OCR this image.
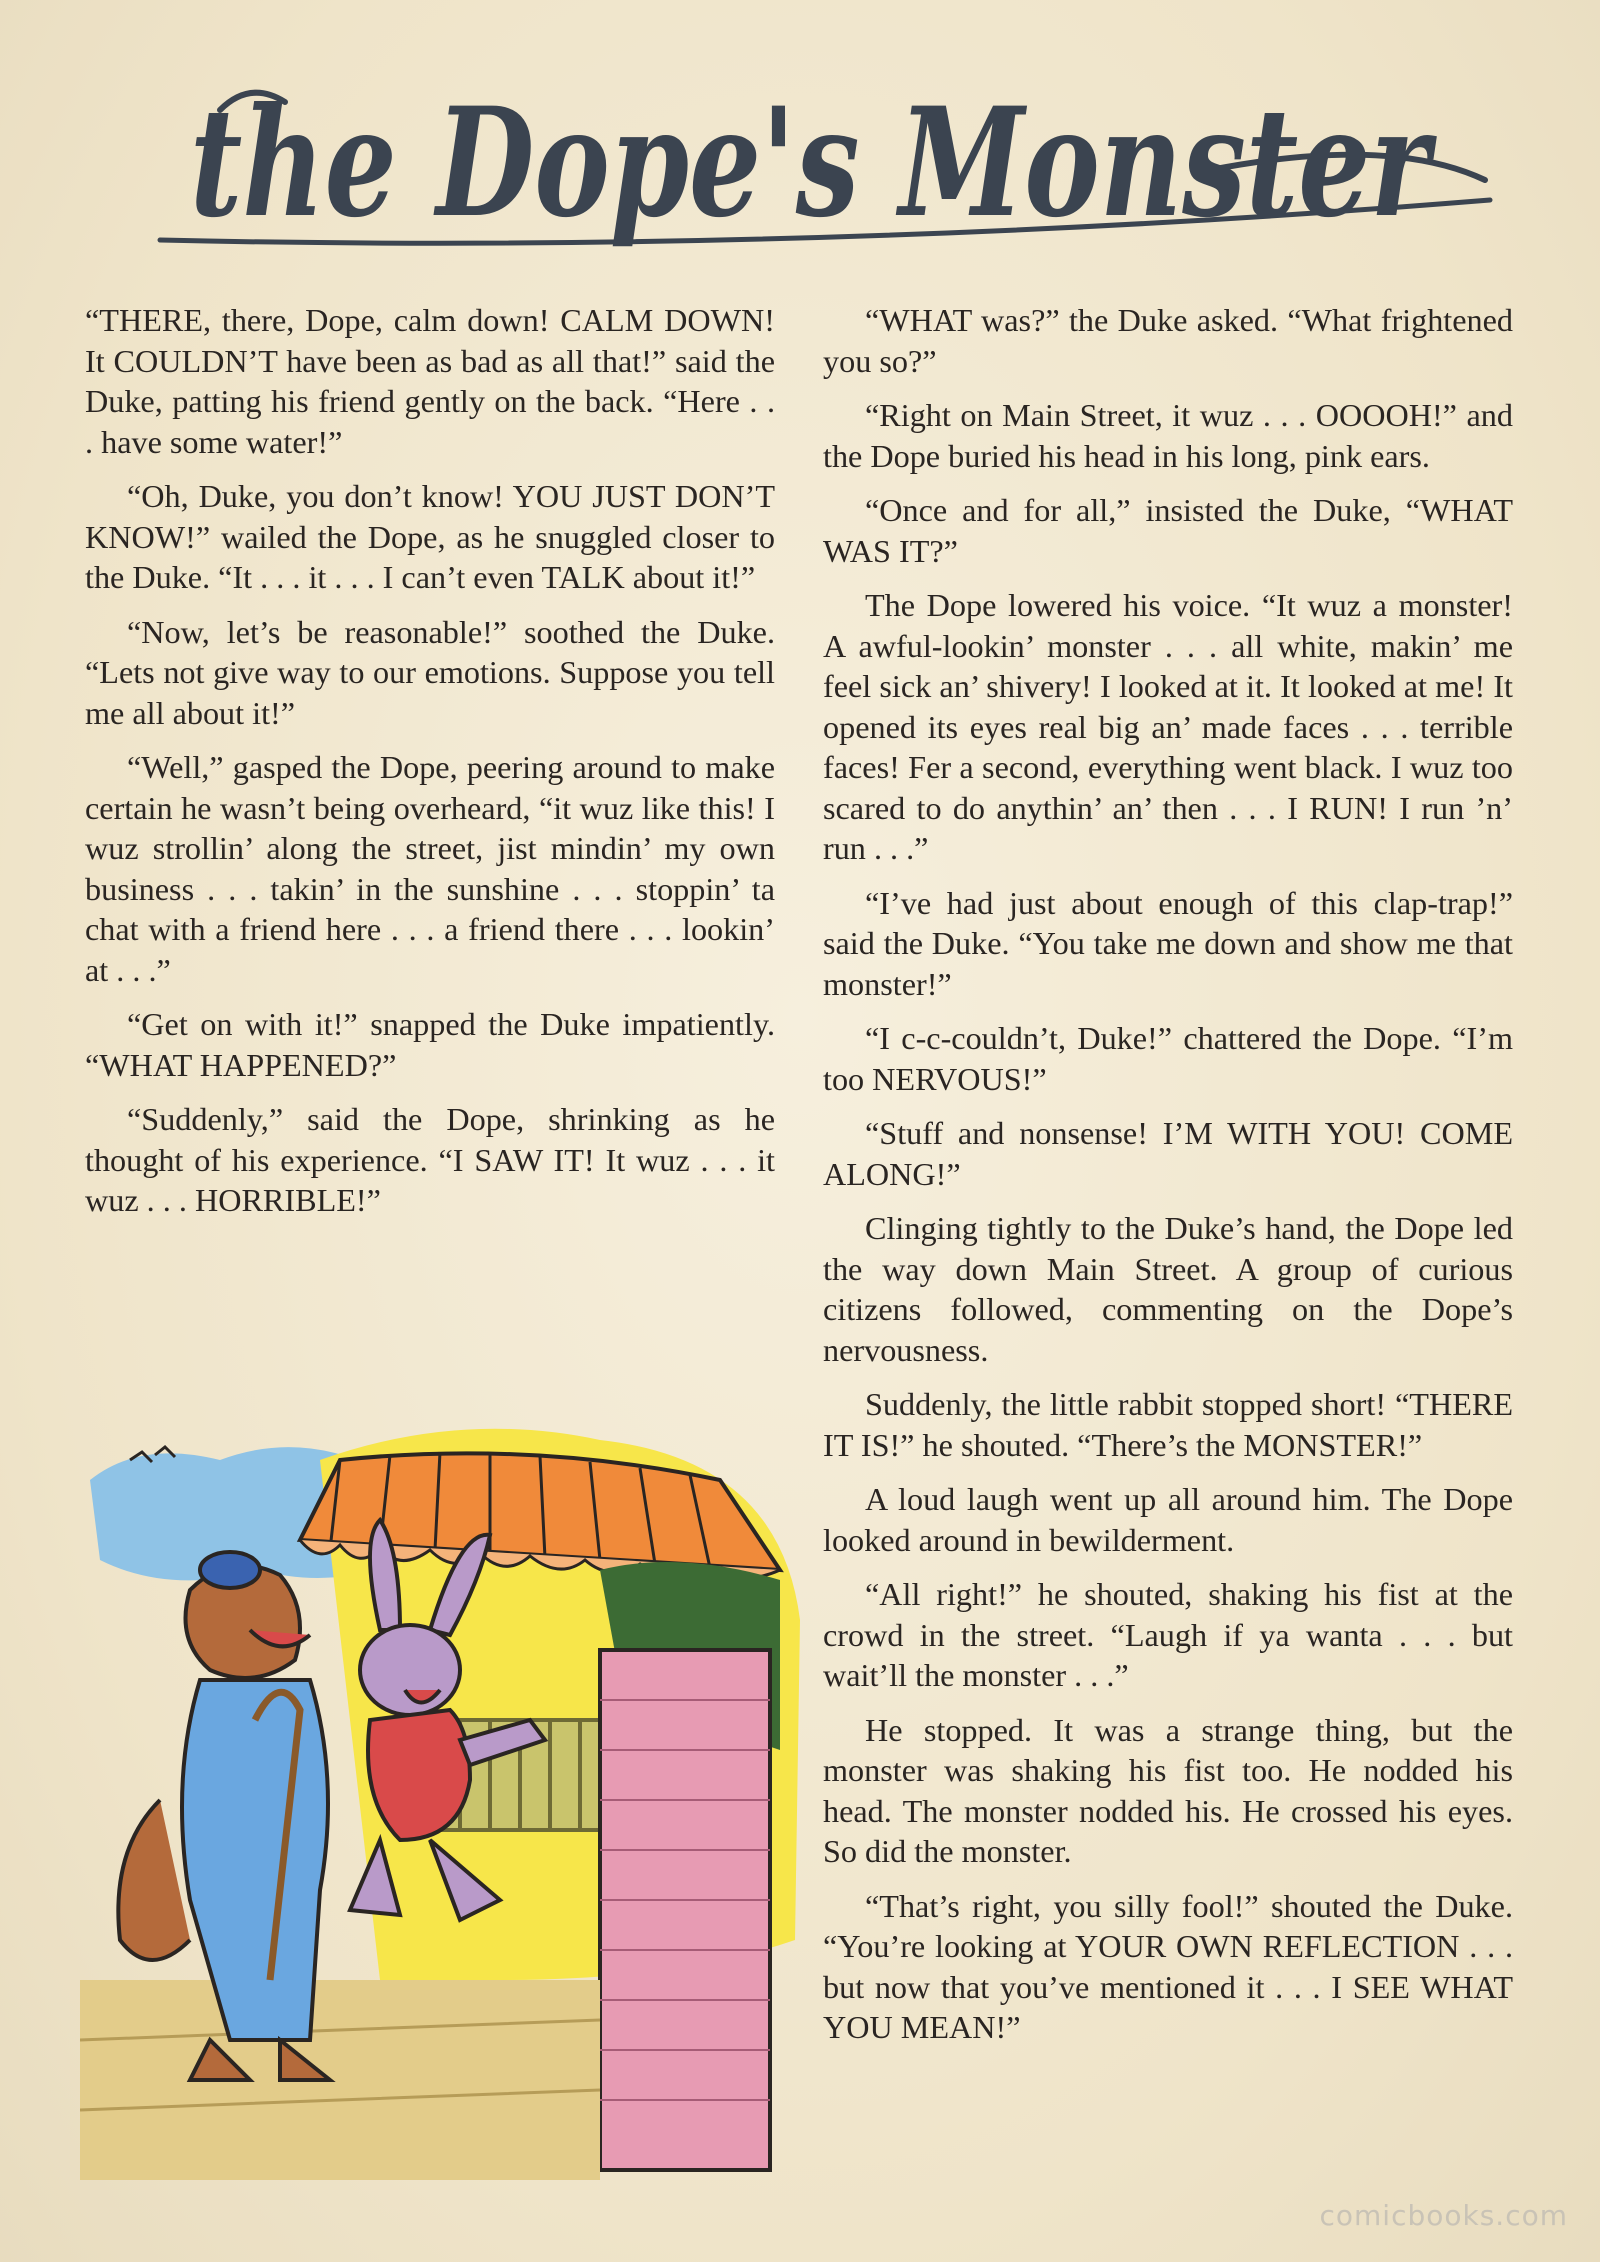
the Dope's Monster

“THERE, there, Dope, calm down! CALM DOWN! It COULDN’T have been as bad as all that!” said the Duke, patting his friend gently on the back. “Here . . . have some water!”

“Oh, Duke, you don’t know! YOU JUST DON’T KNOW!” wailed the Dope, as he snuggled closer to the Duke. “It . . . it . . . I can’t even TALK about it!”

“Now, let’s be reasonable!” soothed the Duke. “Lets not give way to our emotions. Suppose you tell me all about it!”

“Well,” gasped the Dope, peering around to make certain he wasn’t being overheard, “it wuz like this! I wuz strollin’ along the street, jist mindin’ my own business . . . takin’ in the sunshine . . . stoppin’ ta chat with a friend here . . . a friend there . . . lookin’ at . . .”

“Get on with it!” snapped the Duke impatiently. “WHAT HAPPENED?”

“Suddenly,” said the Dope, shrinking as he thought of his experience. “I SAW IT! It wuz . . . it wuz . . . HORRIBLE!”

“WHAT was?” the Duke asked. “What frightened you so?”

“Right on Main Street, it wuz . . . OOOOH!” and the Dope buried his head in his long, pink ears.

“Once and for all,” insisted the Duke, “WHAT WAS IT?”

The Dope lowered his voice. “It wuz a monster! A awful-lookin’ monster . . . all white, makin’ me feel sick an’ shivery! I looked at it. It looked at me! It opened its eyes real big an’ made faces . . . terrible faces! Fer a second, everything went black. I wuz too scared to do anythin’ an’ then . . . I RUN! I run ’n’ run . . .”

“I’ve had just about enough of this clap-trap!” said the Duke. “You take me down and show me that monster!”

“I c-c-couldn’t, Duke!” chattered the Dope. “I’m too NERVOUS!”

“Stuff and nonsense! I’M WITH YOU! COME ALONG!”

Clinging tightly to the Duke’s hand, the Dope led the way down Main Street. A group of curious citizens followed, commenting on the Dope’s nervousness.

Suddenly, the little rabbit stopped short! “THERE IT IS!” he shouted. “There’s the MONSTER!”

A loud laugh went up all around him. The Dope looked around in bewilderment.

“All right!” he shouted, shaking his fist at the crowd in the street. “Laugh if ya wanta . . . but wait’ll the monster . . .”

He stopped. It was a strange thing, but the monster was shaking his fist too. He nodded his head. The monster nodded his. He crossed his eyes. So did the monster.

“That’s right, you silly fool!” shouted the Duke. “You’re looking at YOUR OWN REFLECTION . . . but now that you’ve mentioned it . . . I SEE WHAT YOU MEAN!”

comicbooks.com
